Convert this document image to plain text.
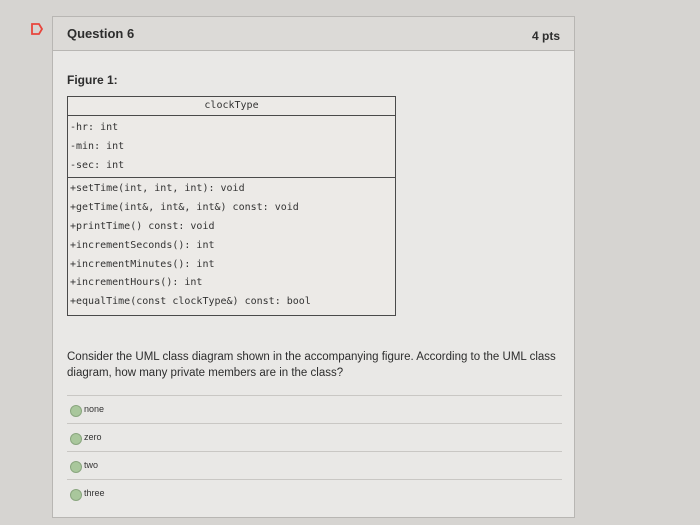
Question 6	4 pts
Figure 1:
clockType
-hr: int
-min: int
-sec: int
+setTime(int, int, int): void
+getTime(int&, int&, int&) const: void
+printTime() const: void
+incrementSeconds(): int
+incrementMinutes(): int
+incrementHours(): int
+equalTime(const clockType&) const: bool
Consider the UML class diagram shown in the accompanying figure. According to the UML class diagram, how many private members are in the class?
none
zero
two
three
